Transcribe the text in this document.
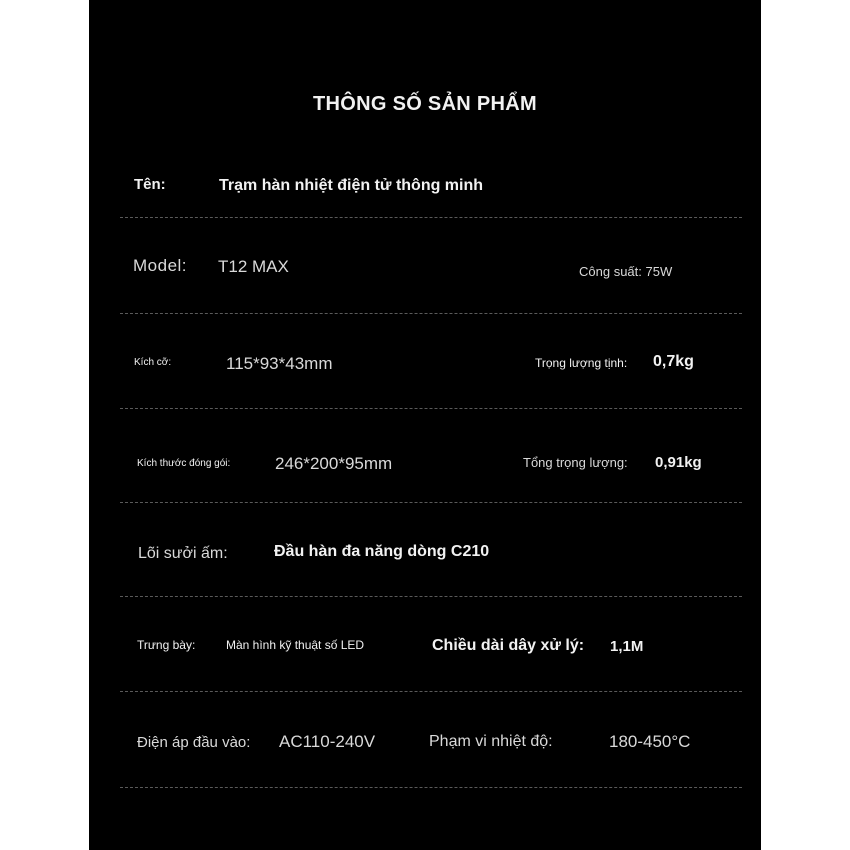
THÔNG SỐ SẢN PHẨM
Tên:	Trạm hàn nhiệt điện tử thông minh
Model: T12 MAX	Công suất: 75W
Kích cỡ:	115*93*43mm	Trọng lượng tịnh: 0,7kg
Kích thước đóng gói:	246*200*95mm	Tổng trọng lượng: 0,91kg
Lõi sưởi ấm:	Đầu hàn đa năng dòng C210
Trưng bày:	Màn hình kỹ thuật số LED	Chiều dài dây xử lý: 1,1M
Điện áp đầu vào: AC110-240V	Phạm vi nhiệt độ:	180-450°C
